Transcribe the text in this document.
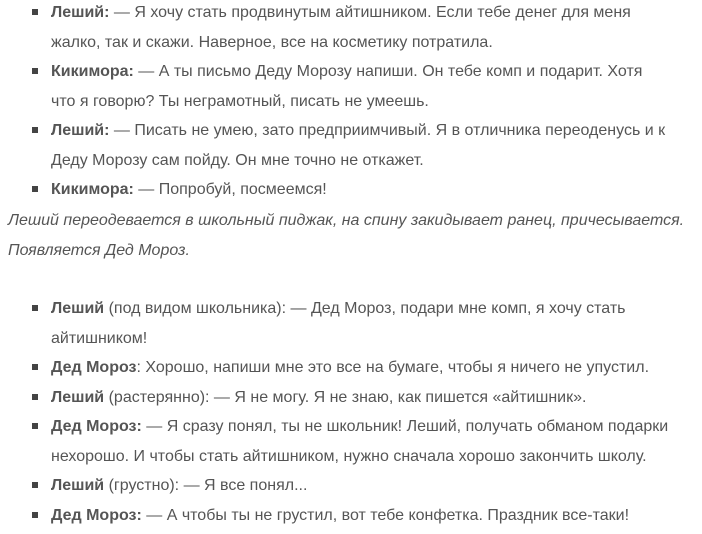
Леший: — Я хочу стать продвинутым айтишником. Если тебе денег для меня
жалко, так и скажи. Наверное, все на косметику потратила.
Кикимора: — А ты письмо Деду Морозу напиши. Он тебе комп и подарит. Хотя
что я говорю? Ты неграмотный, писать не умеешь.
Леший: — Писать не умею, зато предприимчивый. Я в отличника переоденусь и к
Деду Морозу сам пойду. Он мне точно не откажет.
Кикимора: — Попробуй, посмеемся!
Леший переодевается в школьный пиджак, на спину закидывает ранец, причесывается.
Появляется Дед Мороз.
Леший (под видом школьника): — Дед Мороз, подари мне комп, я хочу стать
айтишником!
Дед Мороз: Хорошо, напиши мне это все на бумаге, чтобы я ничего не упустил.
Леший (растерянно): — Я не могу. Я не знаю, как пишется «айтишник».
Дед Мороз: — Я сразу понял, ты не школьник! Леший, получать обманом подарки
нехорошо. И чтобы стать айтишником, нужно сначала хорошо закончить школу.
Леший (грустно): — Я все понял...
Дед Мороз: — А чтобы ты не грустил, вот тебе конфетка. Праздник все-таки!
